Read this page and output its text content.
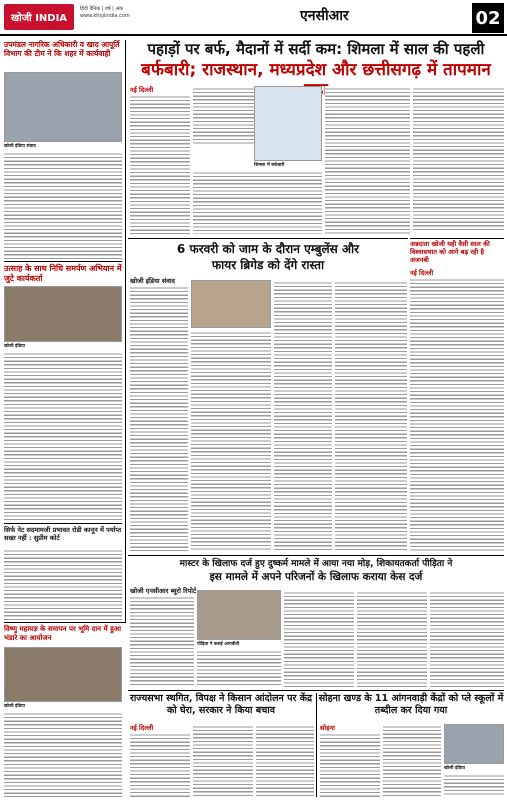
खोजी INDIA
हिंदी दैनिक | वर्ष | अंक
www.khojiindia.com	एनसीआर	02
उपमंडल नागरिक अधिकारी व खाद आपूर्ति विभाग की टीम ने कि शहर में कार्यवाही
खोजी इंडिया संवाद
उत्साह के साथ निधि समर्पण अभियान में जुटे कार्यकर्ता
खोजी इंडिया
सिर्फ नेट सदमामजी प्रभावत रोडी कानून में पर्याप्त सख्त नहीं : सुप्रीम कोर्ट
पहाड़ों पर बर्फ, मैदानों में सर्दी कम: शिमला में साल की पहली
बर्फबारी; राजस्थान, मध्यप्रदेश और छत्तीसगढ़ में तापमान
नई दिल्ली
शिमला में बर्फबारी
अन्नदाता खोजी यही वैसी साल की विश्वासघात को आगे बढ़ रही है अजनबी
नई दिल्ली
6 फरवरी को जाम के दौरान एम्बुलेंस और
फायर ब्रिगेड को देंगे रास्ता
खोजी इंडिया संवाद
मास्टर के खिलाफ दर्ज हुए दुष्कर्म मामले में आया नया मोड़, शिकायतकर्ता पीड़िता ने
इस मामले में अपने परिजनों के खिलाफ कराया केस दर्ज
खोजी एनसीआर ब्यूरो रिपोर्ट
पीड़िता ने बताई आपबीती
विष्णु महायज्ञ के समापन पर भूमि दान में हुआ भंडारे का आयोजन
खोजी इंडिया
राज्यसभा स्थगित, विपक्ष ने किसान आंदोलन पर केंद्र को घेरा, सरकार ने किया बचाव
नई दिल्ली
सोहना खण्ड के 11 आंगनवाड़ी केंद्रों को प्ले स्कूलों में तब्दील कर दिया गया
सोहना
खोजी इंडिया
